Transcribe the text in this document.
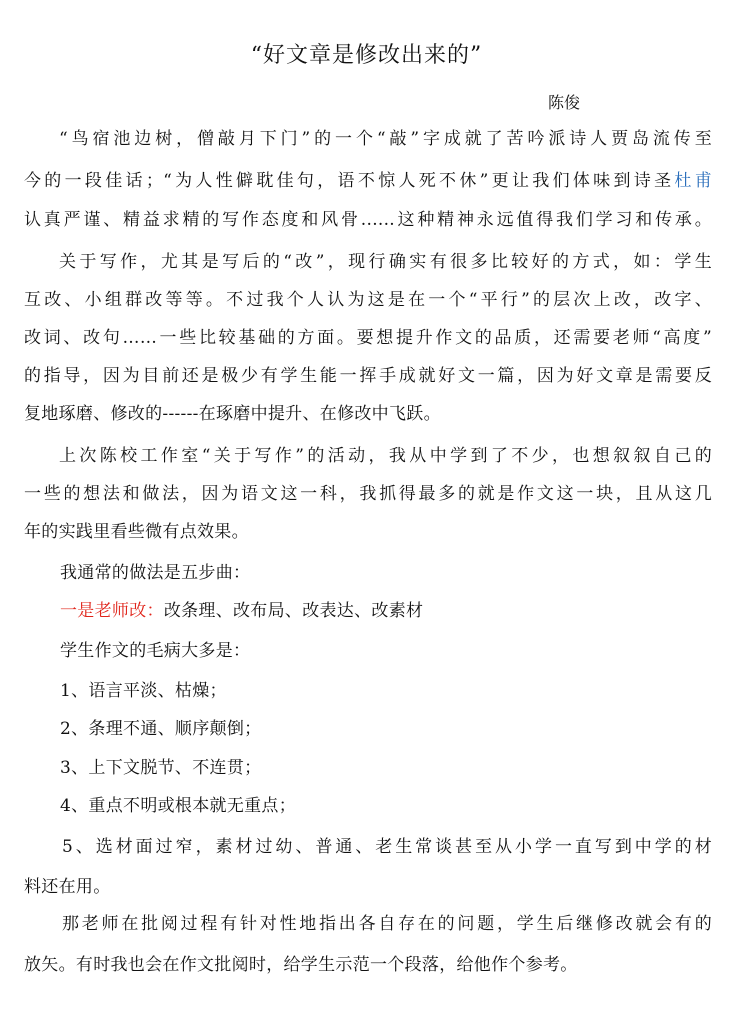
“好文章是修改出来的”
陈俊
“鸟宿池边树，僧敲月下门”的一个“敲”字成就了苦吟派诗人贾岛流传至
今的一段佳话；“为人性僻耽佳句，语不惊人死不休”更让我们体味到诗圣杜甫
认真严谨、精益求精的写作态度和风骨......这种精神永远值得我们学习和传承。
关于写作，尤其是写后的“改”，现行确实有很多比较好的方式，如：学生
互改、小组群改等等。不过我个人认为这是在一个“平行”的层次上改，改字、
改词、改句……一些比较基础的方面。要想提升作文的品质，还需要老师“高度”
的指导，因为目前还是极少有学生能一挥手成就好文一篇，因为好文章是需要反
复地琢磨、修改的------在琢磨中提升、在修改中飞跃。
上次陈校工作室“关于写作”的活动，我从中学到了不少，也想叙叙自己的
一些的想法和做法，因为语文这一科，我抓得最多的就是作文这一块，且从这几
年的实践里看些微有点效果。
我通常的做法是五步曲：
一是老师改：改条理、改布局、改表达、改素材
学生作文的毛病大多是：
1、语言平淡、枯燥；
2、条理不通、顺序颠倒；
3、上下文脱节、不连贯；
4、重点不明或根本就无重点；
5、选材面过窄，素材过幼、普通、老生常谈甚至从小学一直写到中学的材
料还在用。
那老师在批阅过程有针对性地指出各自存在的问题，学生后继修改就会有的
放矢。有时我也会在作文批阅时，给学生示范一个段落，给他作个参考。
